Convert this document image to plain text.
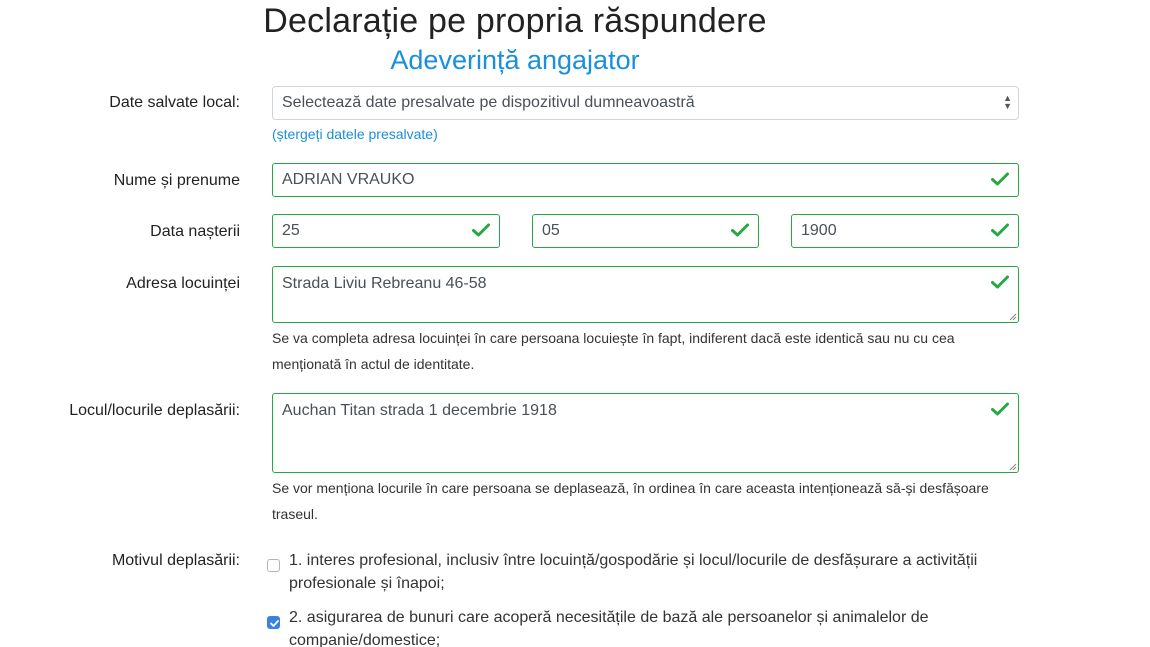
Declarație pe propria răspundere
Adeverință angajator
Date salvate local:	Selectează date presalvate pe dispozitivul dumneavoastră	▲
▼
(ștergeți datele presalvate)
Nume și prenume	ADRIAN VRAUKO
Data nașterii	25	05	1900
Adresa locuinței	Strada Liviu Rebreanu 46-58
Se va completa adresa locuinței în care persoana locuiește în fapt, indiferent dacă este identică sau nu cu cea menționată în actul de identitate.
Locul/locurile deplasării:	Auchan Titan strada 1 decembrie 1918
Se vor menționa locurile în care persoana se deplasează, în ordinea în care aceasta intenționează să-și desfășoare traseul.
Motivul deplasării:	1. interes profesional, inclusiv între locuință/gospodărie și locul/locurile de desfășurare a activității profesionale și înapoi;
2. asigurarea de bunuri care acoperă necesitățile de bază ale persoanelor și animalelor de companie/domestice;
